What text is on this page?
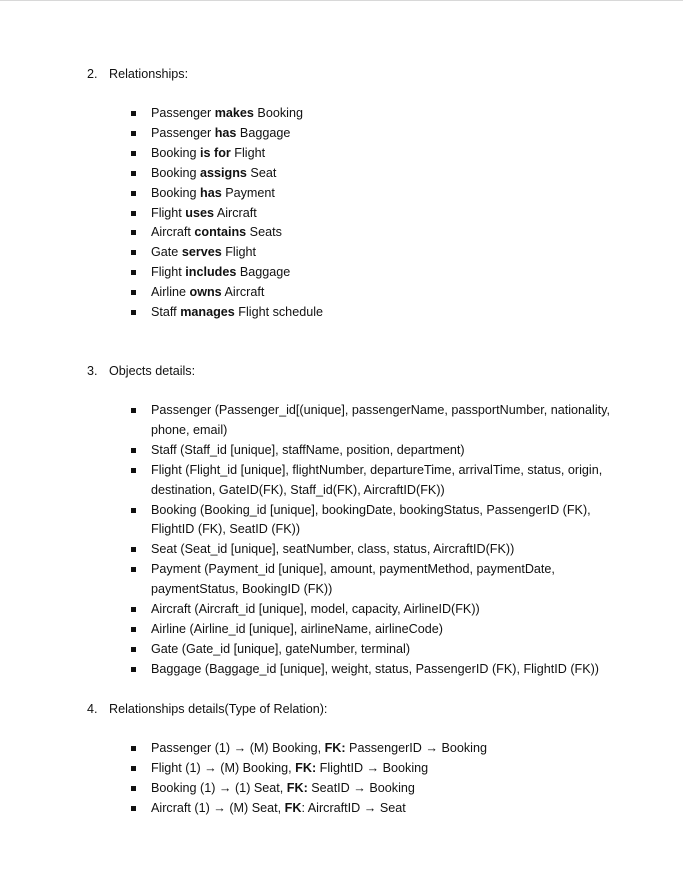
2. Relationships:
Passenger makes Booking
Passenger has Baggage
Booking is for Flight
Booking assigns Seat
Booking has Payment
Flight uses Aircraft
Aircraft contains Seats
Gate serves Flight
Flight includes Baggage
Airline owns Aircraft
Staff manages Flight schedule
3. Objects details:
Passenger (Passenger_id[(unique], passengerName, passportNumber, nationality, phone, email)
Staff (Staff_id [unique], staffName, position, department)
Flight (Flight_id [unique], flightNumber, departureTime, arrivalTime, status, origin, destination, GateID(FK), Staff_id(FK), AircraftID(FK))
Booking (Booking_id [unique], bookingDate, bookingStatus, PassengerID (FK), FlightID (FK), SeatID (FK))
Seat (Seat_id [unique], seatNumber, class, status, AircraftID(FK))
Payment (Payment_id [unique], amount, paymentMethod, paymentDate, paymentStatus, BookingID (FK))
Aircraft (Aircraft_id [unique], model, capacity, AirlineID(FK))
Airline (Airline_id [unique], airlineName, airlineCode)
Gate (Gate_id [unique], gateNumber, terminal)
Baggage (Baggage_id [unique], weight, status, PassengerID (FK), FlightID (FK))
4. Relationships details(Type of Relation):
Passenger (1) → (M) Booking, FK: PassengerID → Booking
Flight (1) → (M) Booking, FK: FlightID → Booking
Booking (1) → (1) Seat, FK: SeatID → Booking
Aircraft (1) → (M) Seat, FK: AircraftID → Seat
